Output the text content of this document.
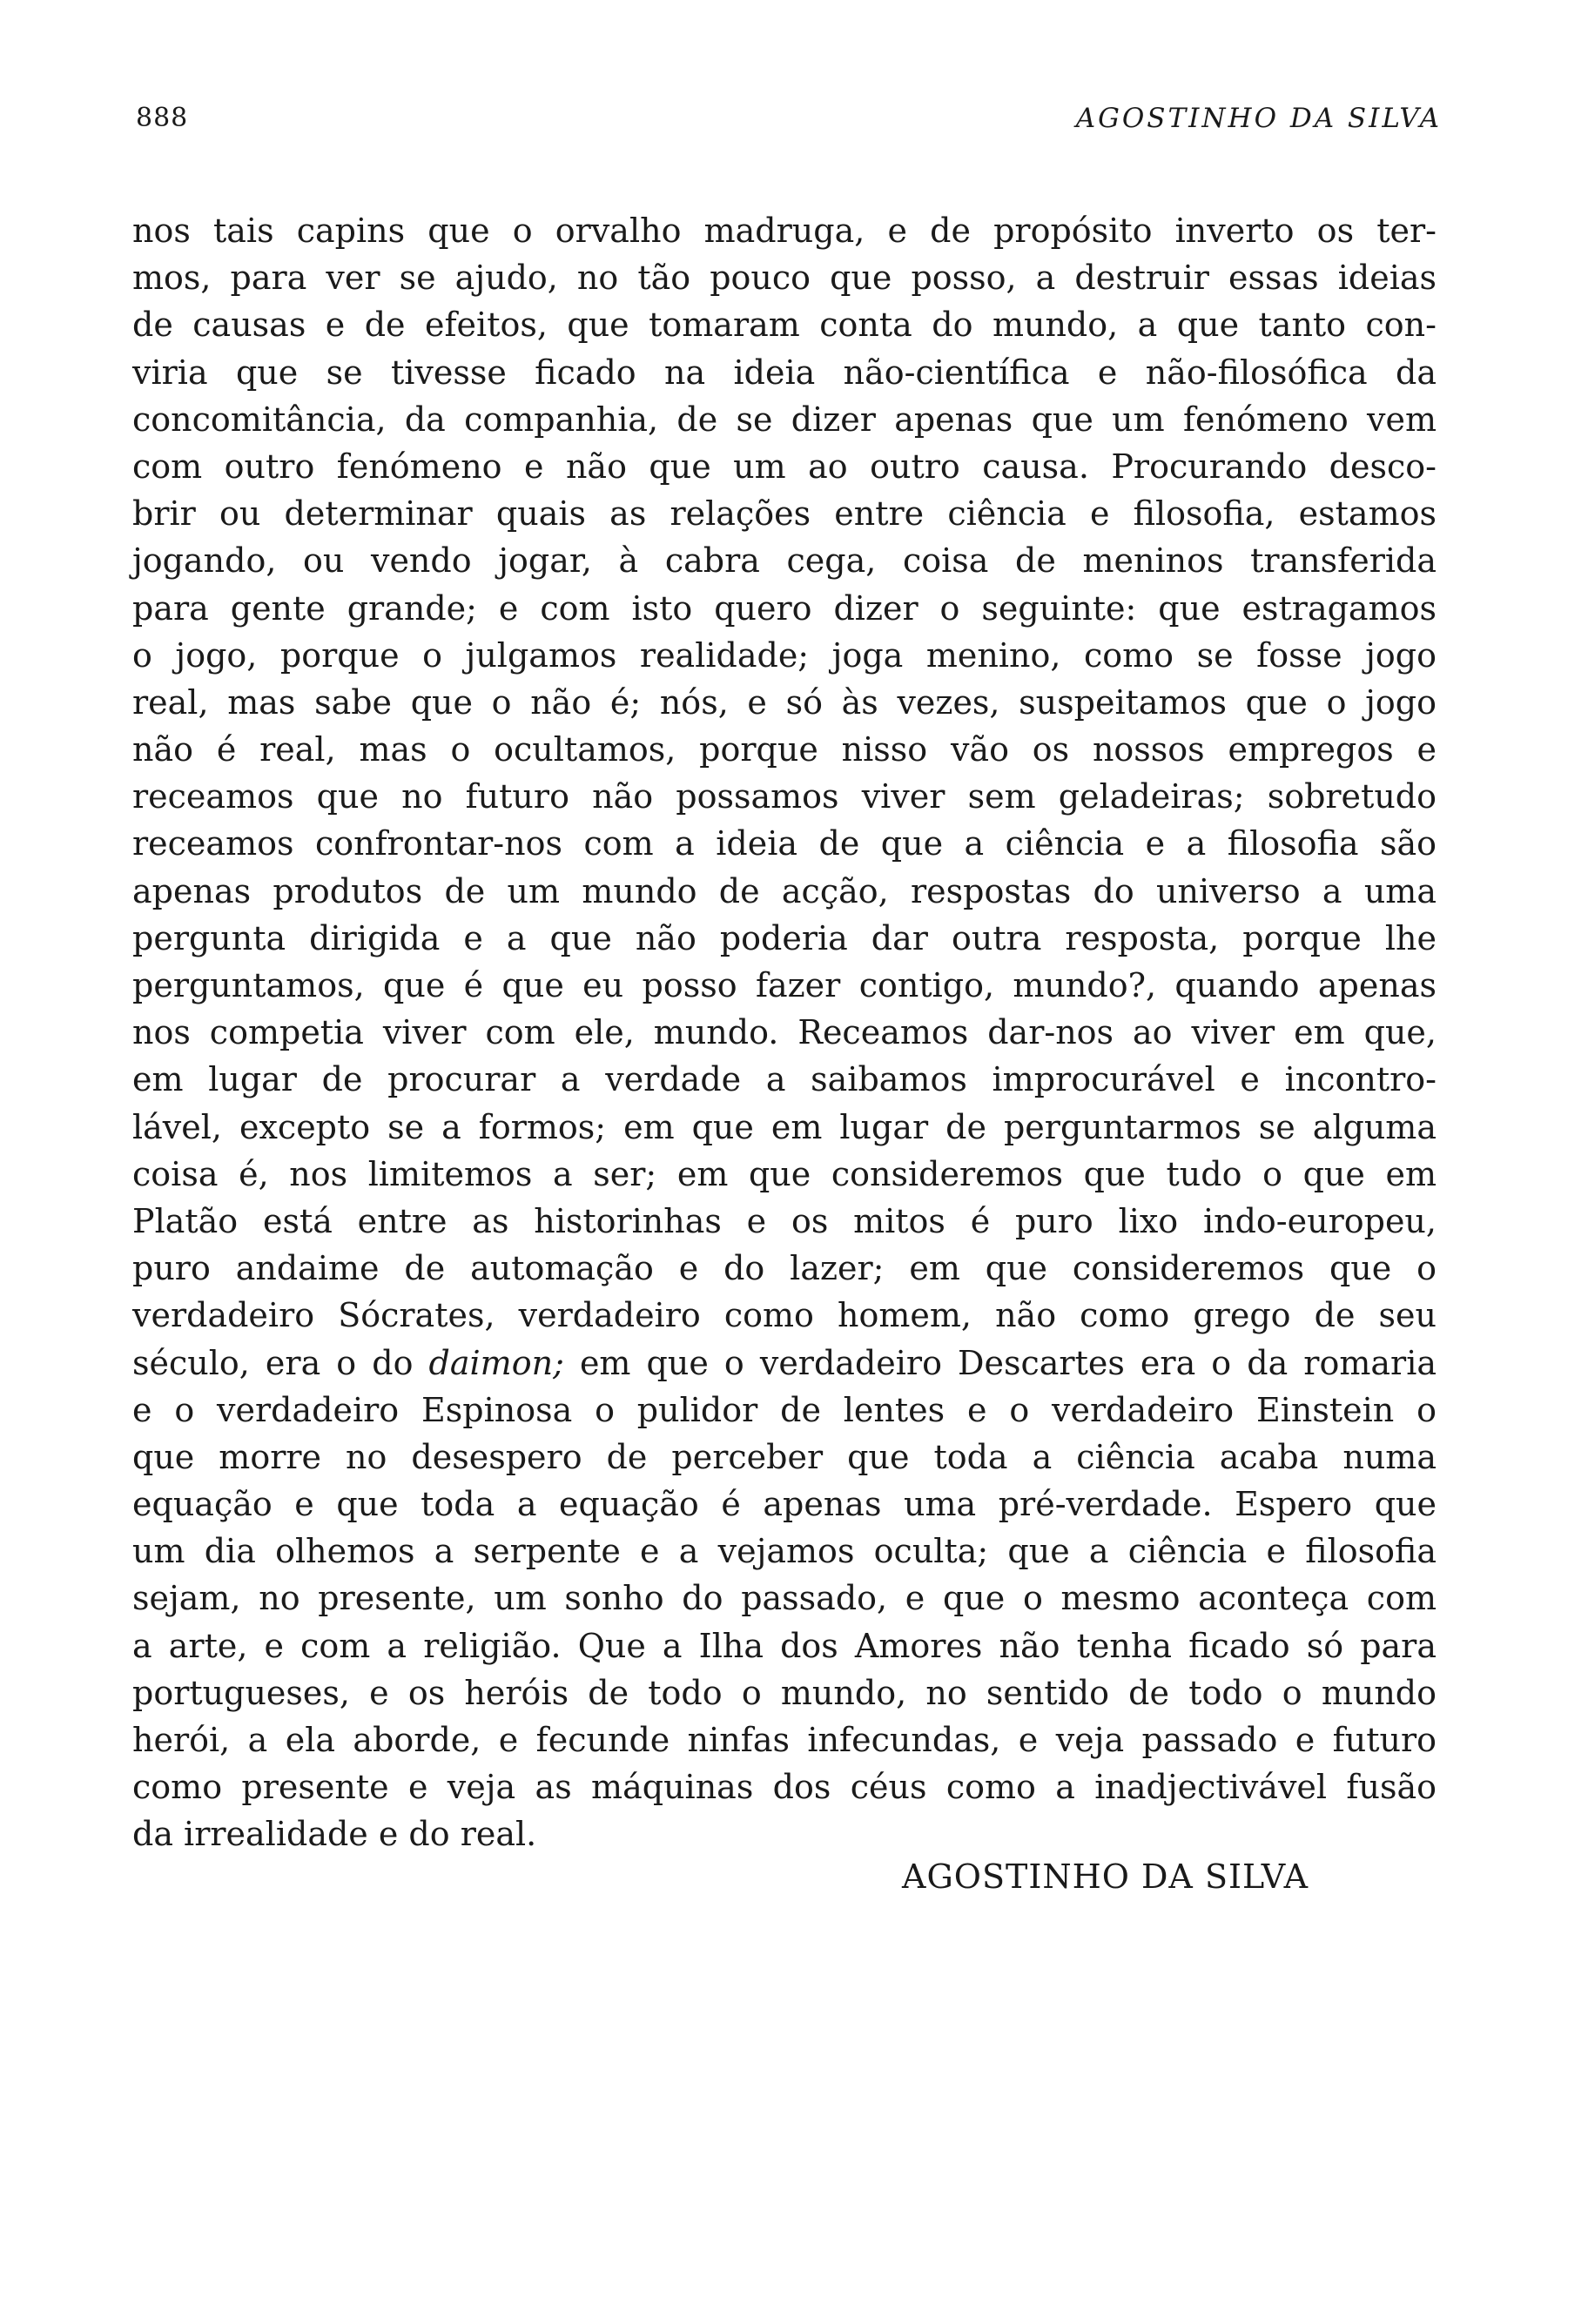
888	AGOSTINHO DA SILVA
nos tais capins que o orvalho madruga, e de propósito inverto os ter-
mos, para ver se ajudo, no tão pouco que posso, a destruir essas ideias
de causas e de efeitos, que tomaram conta do mundo, a que tanto con-
viria que se tivesse ficado na ideia não-científica e não-filosófica da
concomitância, da companhia, de se dizer apenas que um fenómeno vem
com outro fenómeno e não que um ao outro causa. Procurando desco-
brir ou determinar quais as relações entre ciência e filosofia, estamos
jogando, ou vendo jogar, à cabra cega, coisa de meninos transferida
para gente grande; e com isto quero dizer o seguinte: que estragamos
o jogo, porque o julgamos realidade; joga menino, como se fosse jogo
real, mas sabe que o não é; nós, e só às vezes, suspeitamos que o jogo
não é real, mas o ocultamos, porque nisso vão os nossos empregos e
receamos que no futuro não possamos viver sem geladeiras; sobretudo
receamos confrontar-nos com a ideia de que a ciência e a filosofia são
apenas produtos de um mundo de acção, respostas do universo a uma
pergunta dirigida e a que não poderia dar outra resposta, porque lhe
perguntamos, que é que eu posso fazer contigo, mundo?, quando apenas
nos competia viver com ele, mundo. Receamos dar-nos ao viver em que,
em lugar de procurar a verdade a saibamos improcurável e incontro-
lável, excepto se a formos; em que em lugar de perguntarmos se alguma
coisa é, nos limitemos a ser; em que consideremos que tudo o que em
Platão está entre as historinhas e os mitos é puro lixo indo-europeu,
puro andaime de automação e do lazer; em que consideremos que o
verdadeiro Sócrates, verdadeiro como homem, não como grego de seu
século, era o do daimon; em que o verdadeiro Descartes era o da romaria
e o verdadeiro Espinosa o pulidor de lentes e o verdadeiro Einstein o
que morre no desespero de perceber que toda a ciência acaba numa
equação e que toda a equação é apenas uma pré-verdade. Espero que
um dia olhemos a serpente e a vejamos oculta; que a ciência e filosofia
sejam, no presente, um sonho do passado, e que o mesmo aconteça com
a arte, e com a religião. Que a Ilha dos Amores não tenha ficado só para
portugueses, e os heróis de todo o mundo, no sentido de todo o mundo
herói, a ela aborde, e fecunde ninfas infecundas, e veja passado e futuro
como presente e veja as máquinas dos céus como a inadjectivável fusão
da irrealidade e do real.
AGOSTINHO DA SILVA
